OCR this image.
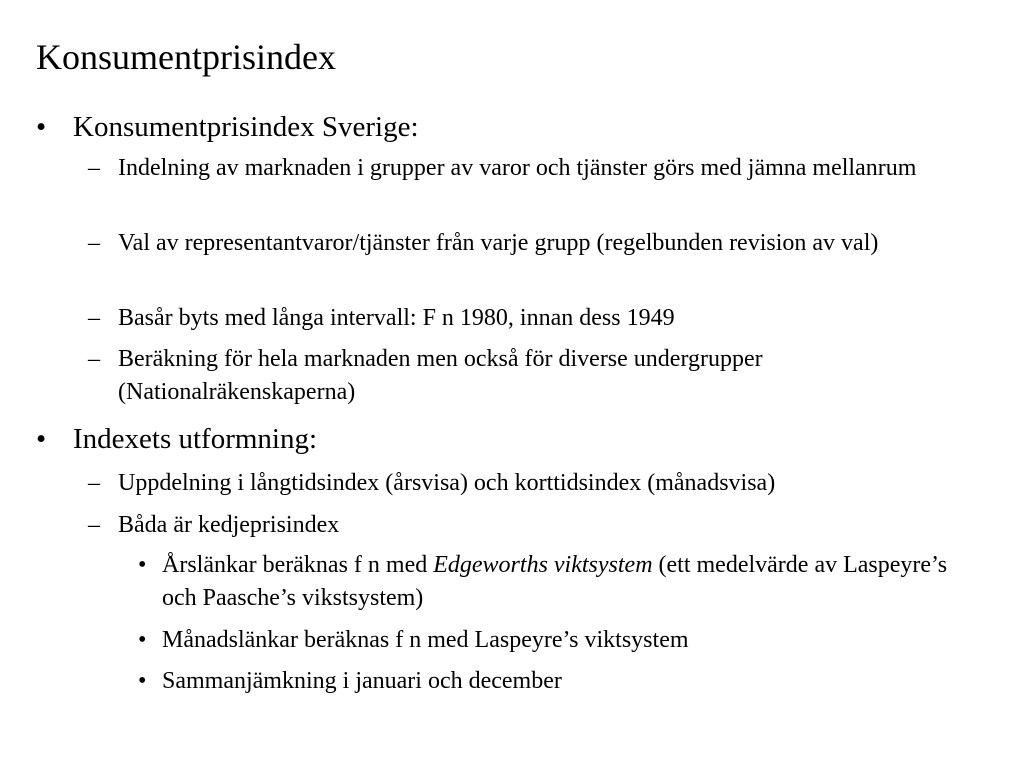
Konsumentprisindex
• Konsumentprisindex Sverige:
– Indelning av marknaden i grupper av varor och tjänster görs med jämna mellanrum
– Val av representantvaror/tjänster från varje grupp (regelbunden revision av val)
– Basår byts med långa intervall: F n 1980, innan dess 1949
– Beräkning för hela marknaden men också för diverse undergrupper (Nationalräkenskaperna)
• Indexets utformning:
– Uppdelning i långtidsindex (årsvisa) och korttidsindex (månadsvisa)
– Båda är kedjeprisindex
• Årslänkar beräknas f n med Edgeworths viktsystem (ett medelvärde av Laspeyre’s och Paasche’s vikstsystem)
• Månadslänkar beräknas f n med Laspeyre’s viktsystem
• Sammanjämkning i januari och december
